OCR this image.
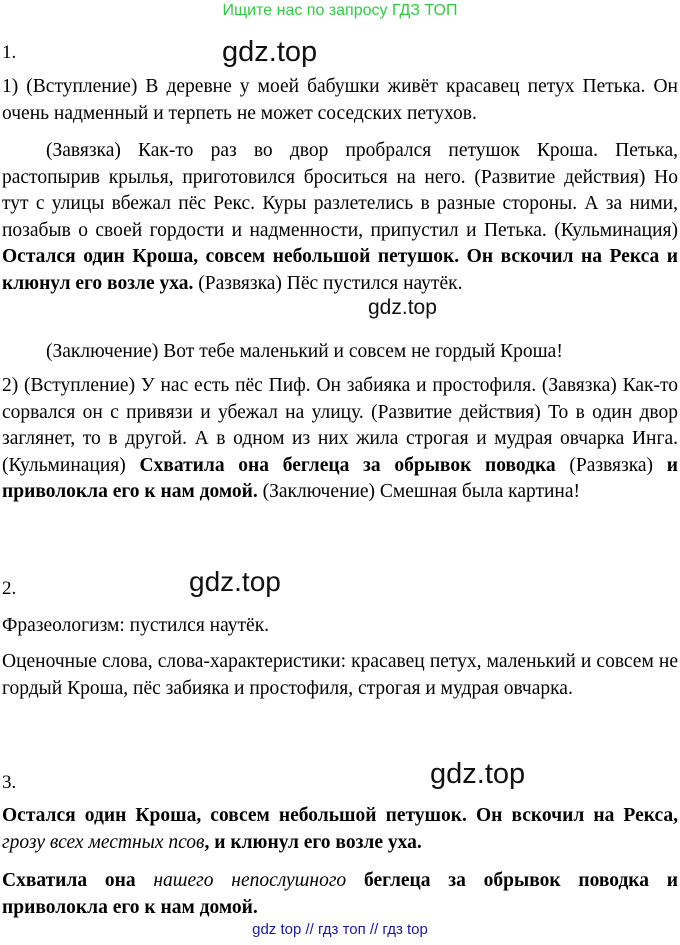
Ищите нас по запросу ГДЗ ТОП
gdz.top
gdz.top
gdz.top
gdz.top
1.
1) (Вступление) В деревне у моей бабушки живёт красавец петух Петька. Он очень надменный и терпеть не может соседских петухов.
(Завязка) Как-то раз во двор пробрался петушок Кроша. Петька, растопырив крылья, приготовился броситься на него. (Развитие действия) Но тут с улицы вбежал пёс Рекс. Куры разлетелись в разные стороны. А за ними, позабыв о своей гордости и надменности, припустил и Петька. (Кульминация) Остался один Кроша, совсем небольшой петушок. Он вскочил на Рекса и клюнул его возле уха. (Развязка) Пёс пустился наутёк.
(Заключение) Вот тебе маленький и совсем не гордый Кроша!
2) (Вступление) У нас есть пёс Пиф. Он забияка и простофиля. (Завязка) Как-то сорвался он с привязи и убежал на улицу. (Развитие действия) То в один двор заглянет, то в другой. А в одном из них жила строгая и мудрая овчарка Инга. (Кульминация) Схватила она беглеца за обрывок поводка (Развязка) и приволокла его к нам домой. (Заключение) Смешная была картина!
2.
Фразеологизм: пустился наутёк.
Оценочные слова, слова-характеристики: красавец петух, маленький и совсем не гордый Кроша, пёс забияка и простофиля, строгая и мудрая овчарка.
3.
Остался один Кроша, совсем небольшой петушок. Он вскочил на Рекса, грозу всех местных псов, и клюнул его возле уха.
Схватила она нашего непослушного беглеца за обрывок поводка и приволокла его к нам домой.
gdz top // гдз топ // гдз top
